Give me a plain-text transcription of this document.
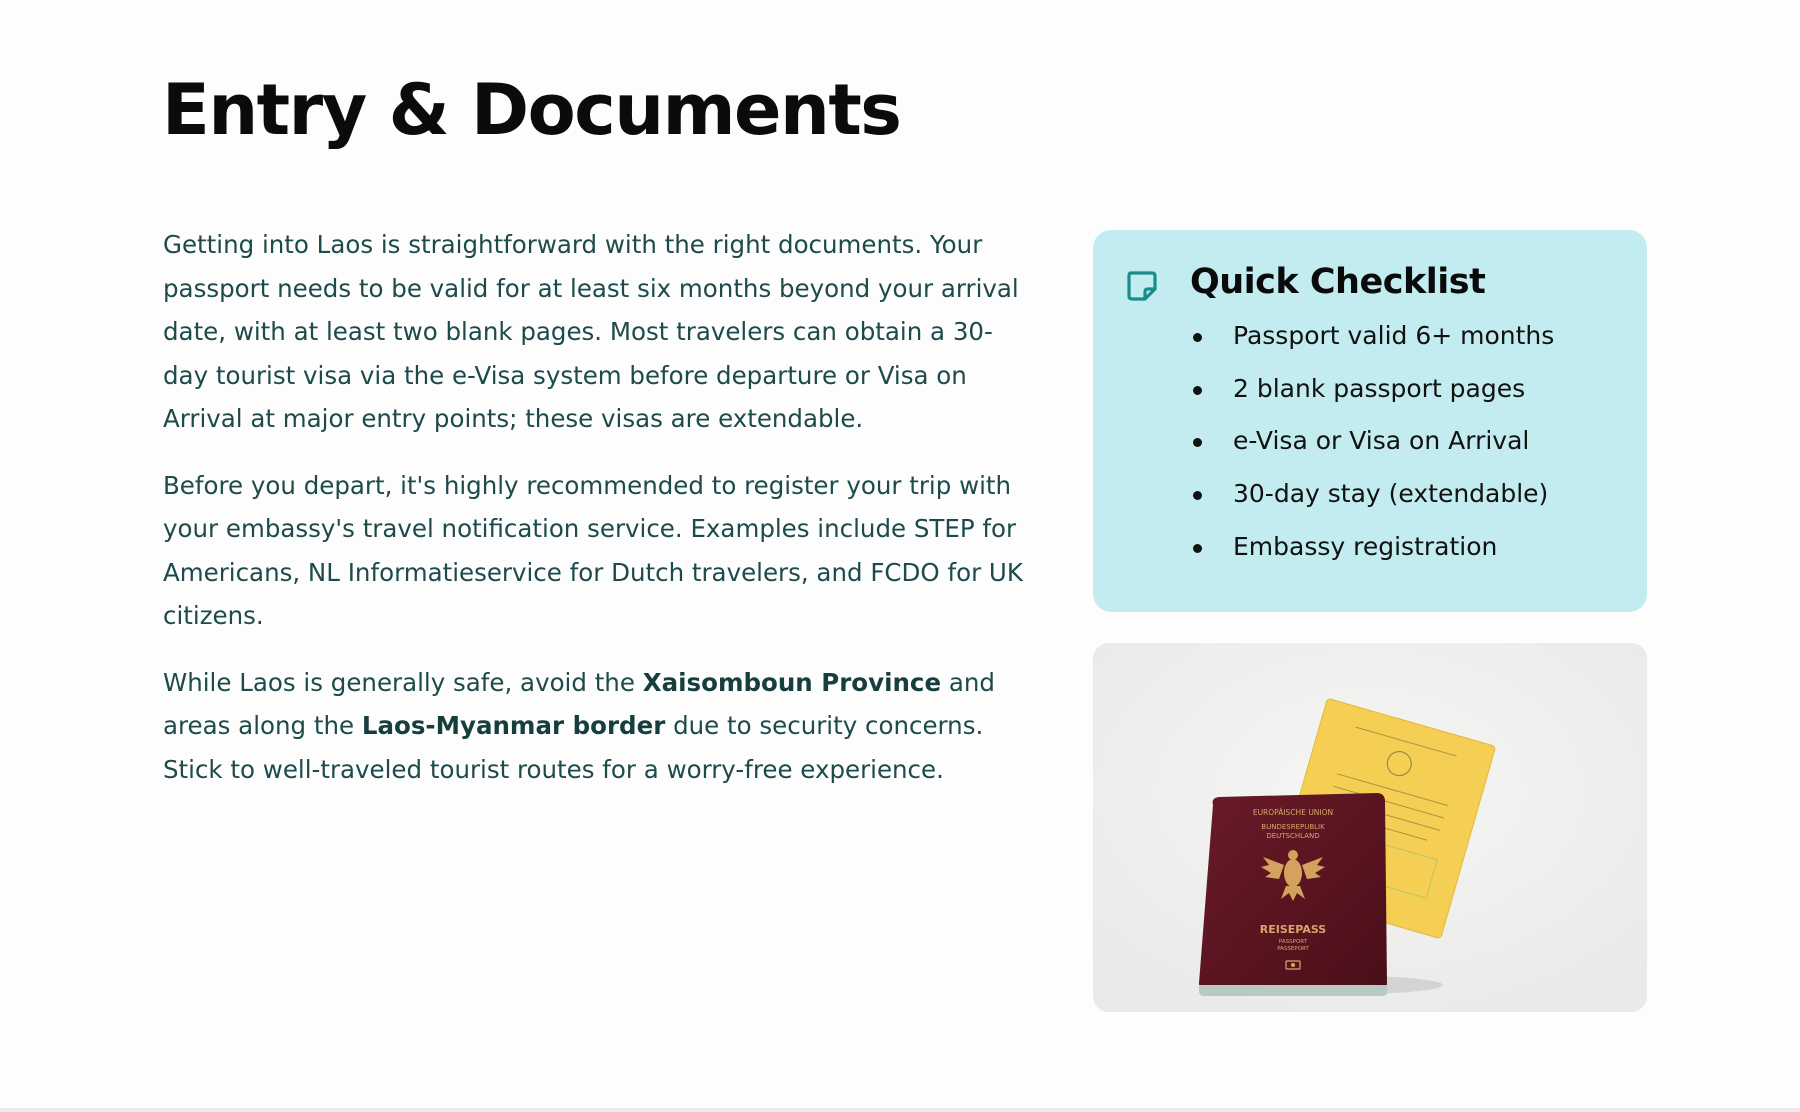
Entry & Documents

Getting into Laos is straightforward with the right documents. Your passport needs to be valid for at least six months beyond your arrival date, with at least two blank pages. Most travelers can obtain a 30-day tourist visa via the e-Visa system before departure or Visa on Arrival at major entry points; these visas are extendable.

Before you depart, it's highly recommended to register your trip with your embassy's travel notification service. Examples include STEP for Americans, NL Informatieservice for Dutch travelers, and FCDO for UK citizens.

While Laos is generally safe, avoid the Xaisomboun Province and areas along the Laos-Myanmar border due to security concerns. Stick to well-traveled tourist routes for a worry-free experience.

Quick Checklist
Passport valid 6+ months
2 blank passport pages
e-Visa or Visa on Arrival
30-day stay (extendable)
Embassy registration
EUROPÄISCHE UNION
BUNDESREPUBLIK
DEUTSCHLAND
REISEPASS
PASSPORT
PASSEPORT
